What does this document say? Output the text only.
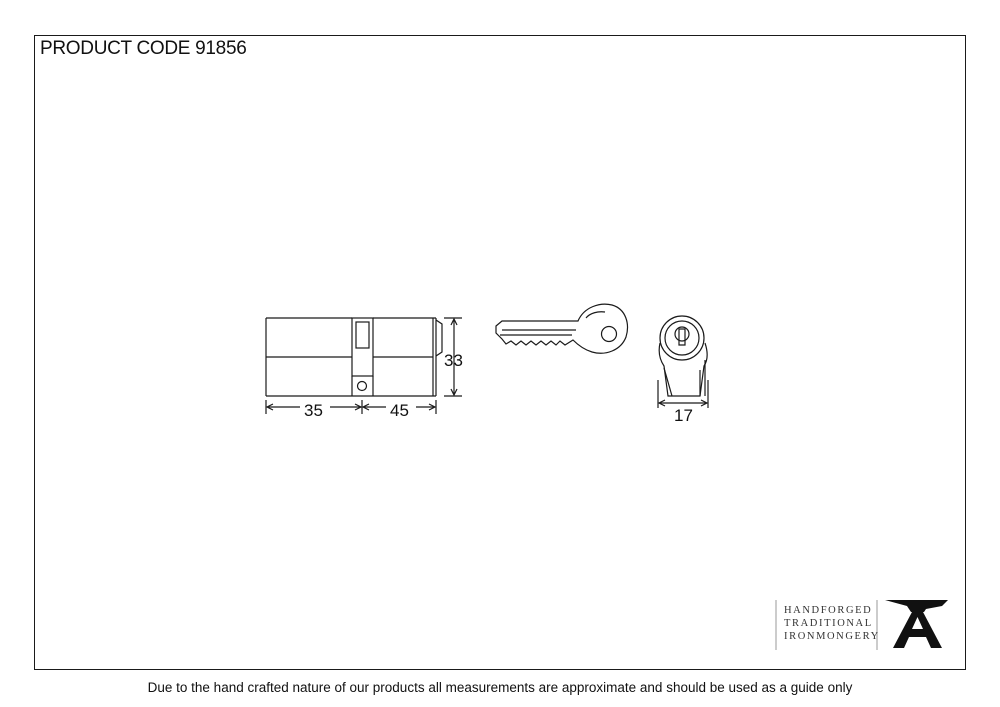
PRODUCT CODE 91856
35	45
33
17
HANDFORGED
TRADITIONAL
IRONMONGERY
Due to the hand crafted nature of our products all measurements are approximate and should be used as a guide only
